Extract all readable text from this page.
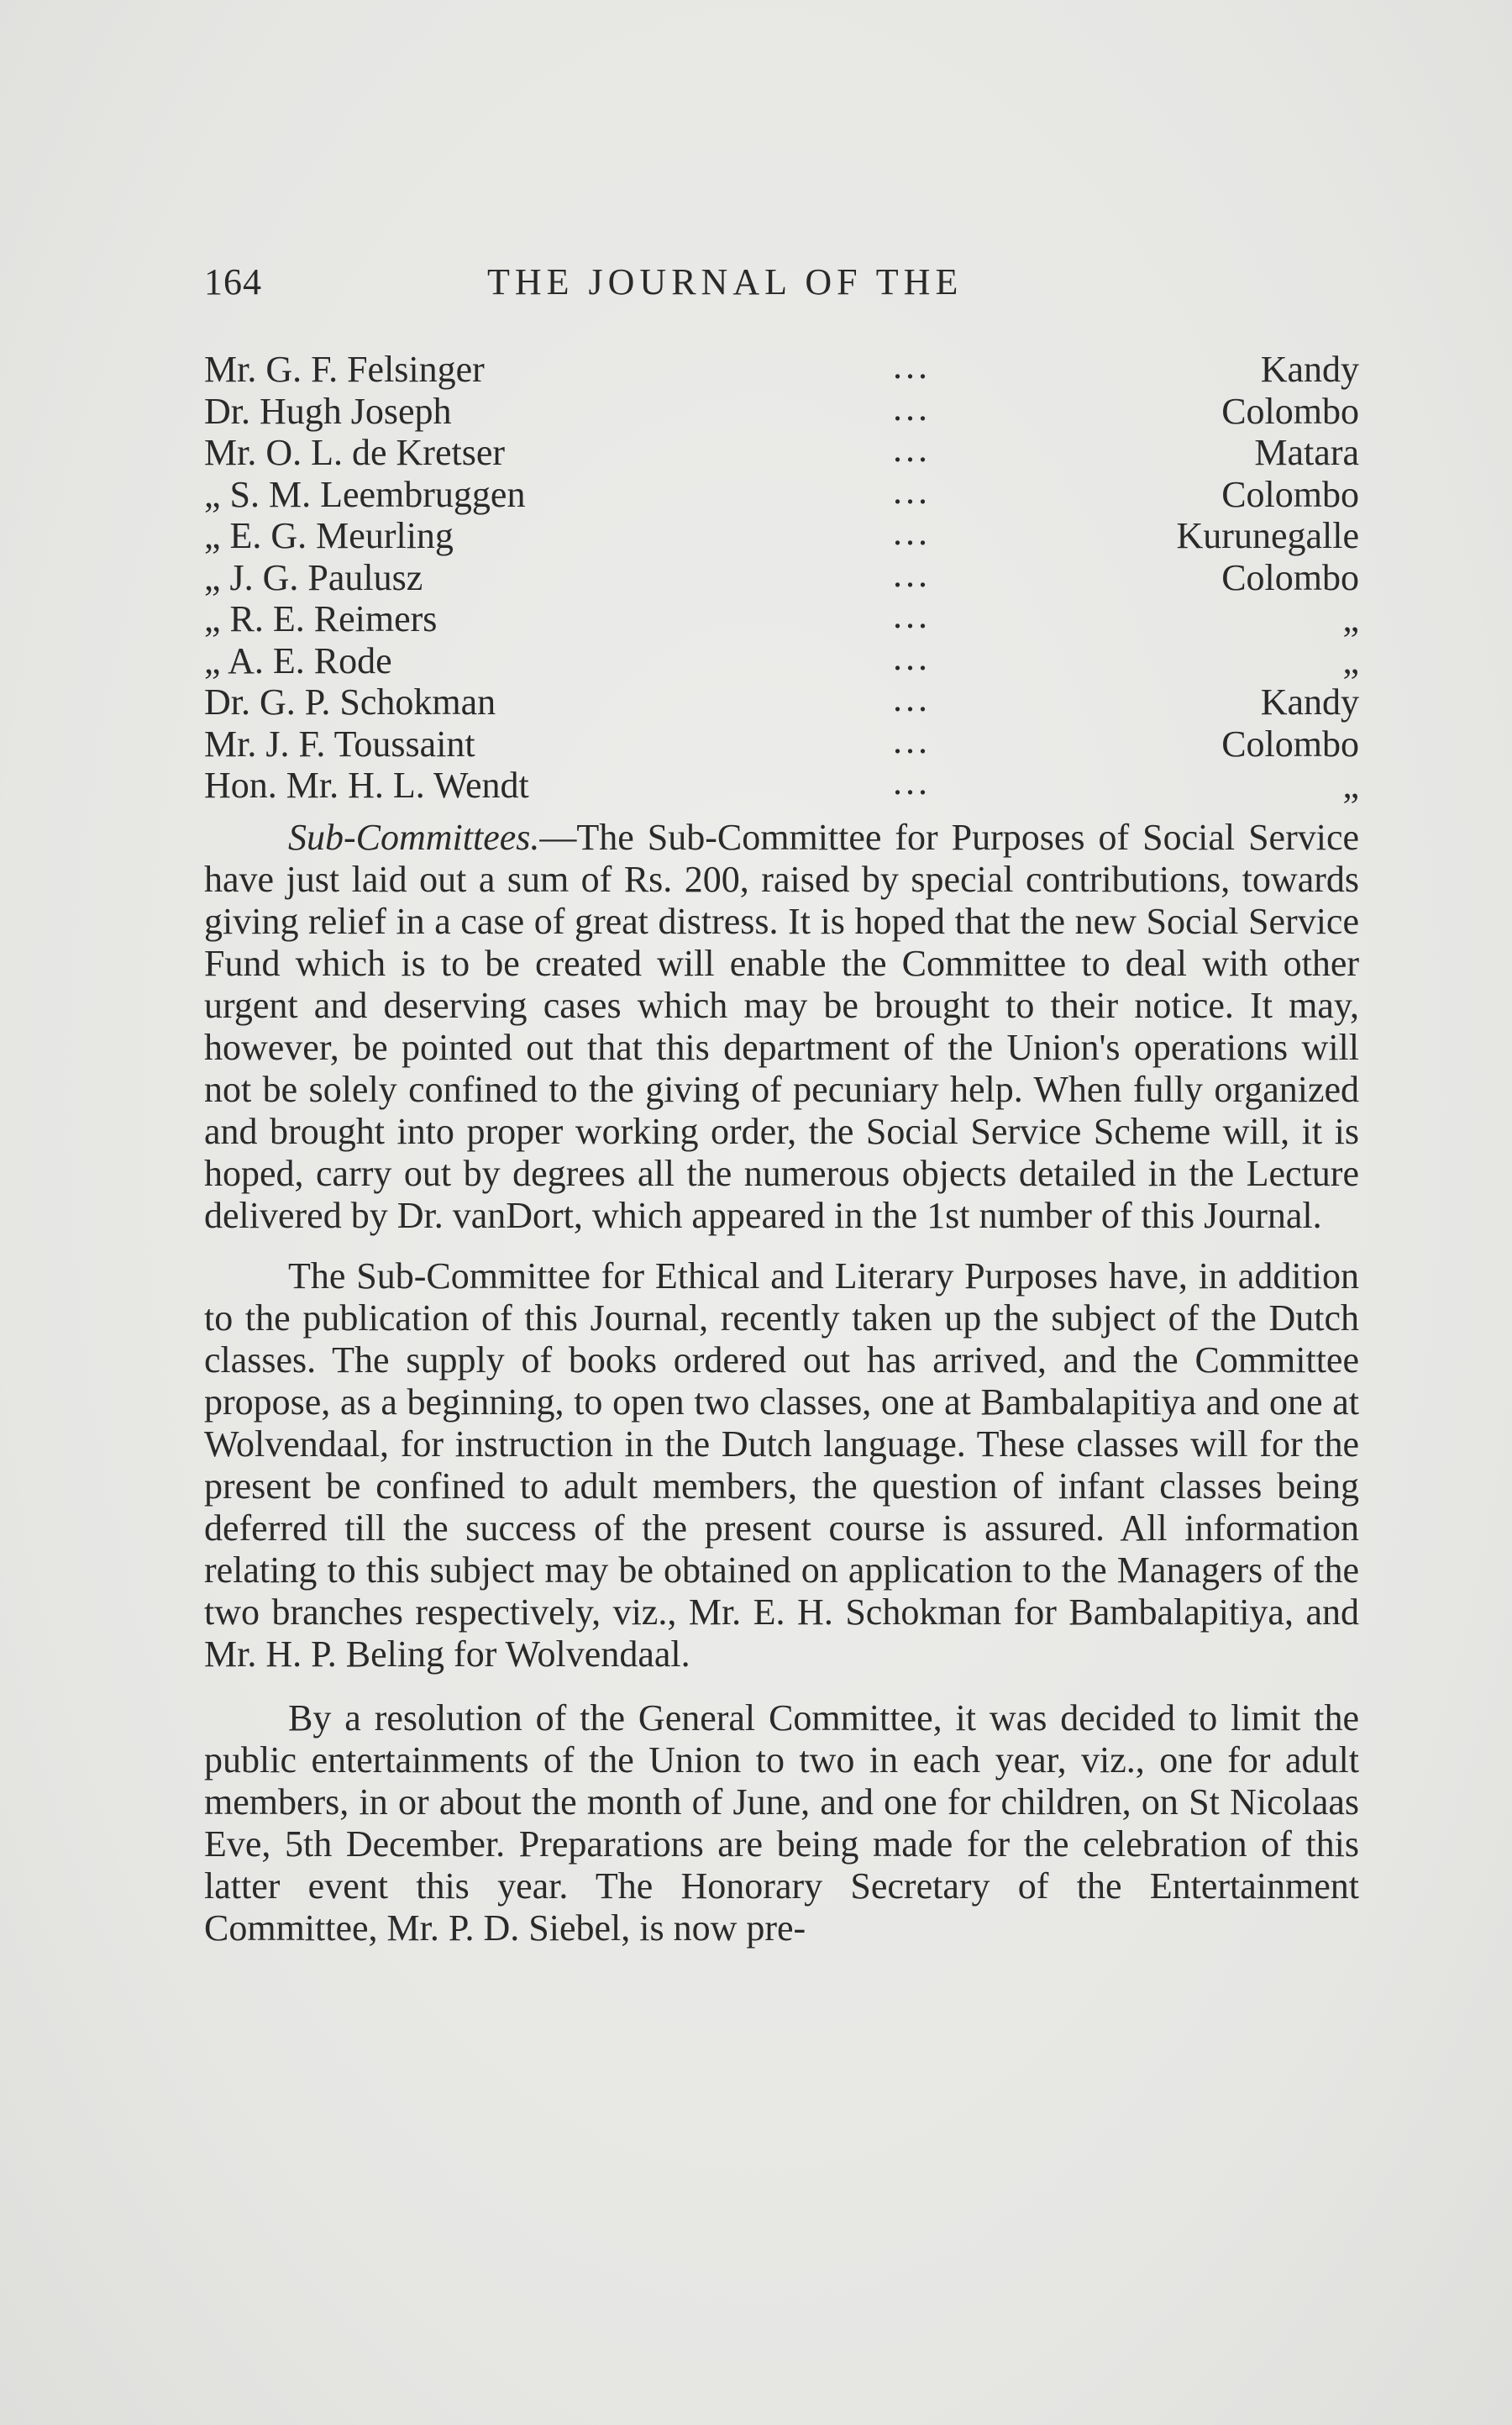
164	THE JOURNAL OF THE
Mr. G. F. Felsinger	...	Kandy
Dr. Hugh Joseph	...	Colombo
Mr. O. L. de Kretser	...	Matara
„ S. M. Leembruggen	...	Colombo
„ E. G. Meurling	...	Kurunegalle
„ J. G. Paulusz	...	Colombo
„ R. E. Reimers	...	„
„ A. E. Rode	...	„
Dr. G. P. Schokman	...	Kandy
Mr. J. F. Toussaint	...	Colombo
Hon. Mr. H. L. Wendt	...	„

Sub-Committees.—The Sub-Committee for Purposes of Social Service have just laid out a sum of Rs. 200, raised by special contributions, towards giving relief in a case of great distress. It is hoped that the new Social Service Fund which is to be created will enable the Committee to deal with other urgent and deserving cases which may be brought to their notice. It may, however, be pointed out that this department of the Union's operations will not be solely confined to the giving of pecuniary help. When fully organized and brought into proper working order, the Social Service Scheme will, it is hoped, carry out by degrees all the numerous objects detailed in the Lecture delivered by Dr. vanDort, which appeared in the 1st number of this Journal.

The Sub-Committee for Ethical and Literary Purposes have, in addition to the publication of this Journal, recently taken up the subject of the Dutch classes. The supply of books ordered out has arrived, and the Committee propose, as a beginning, to open two classes, one at Bambalapitiya and one at Wolvendaal, for instruction in the Dutch language. These classes will for the present be confined to adult members, the question of infant classes being deferred till the success of the present course is assured. All information relating to this subject may be obtained on application to the Managers of the two branches respectively, viz., Mr. E. H. Schokman for Bambalapitiya, and Mr. H. P. Beling for Wolvendaal.

By a resolution of the General Committee, it was decided to limit the public entertainments of the Union to two in each year, viz., one for adult members, in or about the month of June, and one for children, on St Nicolaas Eve, 5th December. Preparations are being made for the celebration of this latter event this year. The Honorary Secretary of the Entertainment Committee, Mr. P. D. Siebel, is now pre-
